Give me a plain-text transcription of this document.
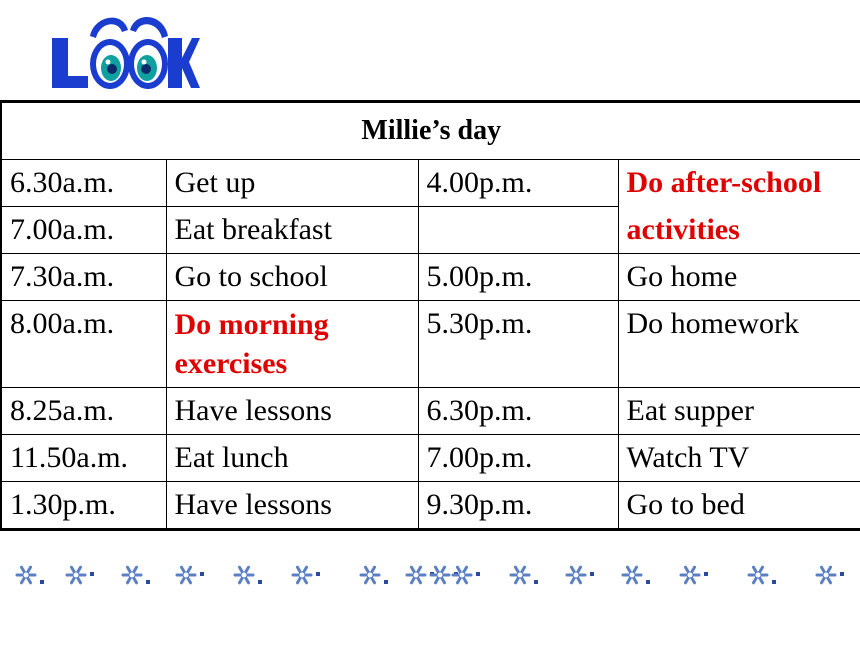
Millie’s day			
6.30a.m.	Get up	4.00p.m.	Do after-school
7.00a.m.	Eat breakfast		activities
7.30a.m.	Go to school	5.00p.m.	Go home
8.00a.m.	Do morning exercises	5.30p.m.	Do homework
8.25a.m.	Have lessons	6.30p.m.	Eat supper
11.50a.m.	Eat lunch	7.00p.m.	Watch TV
1.30p.m.	Have lessons	9.30p.m.	Go to bed
